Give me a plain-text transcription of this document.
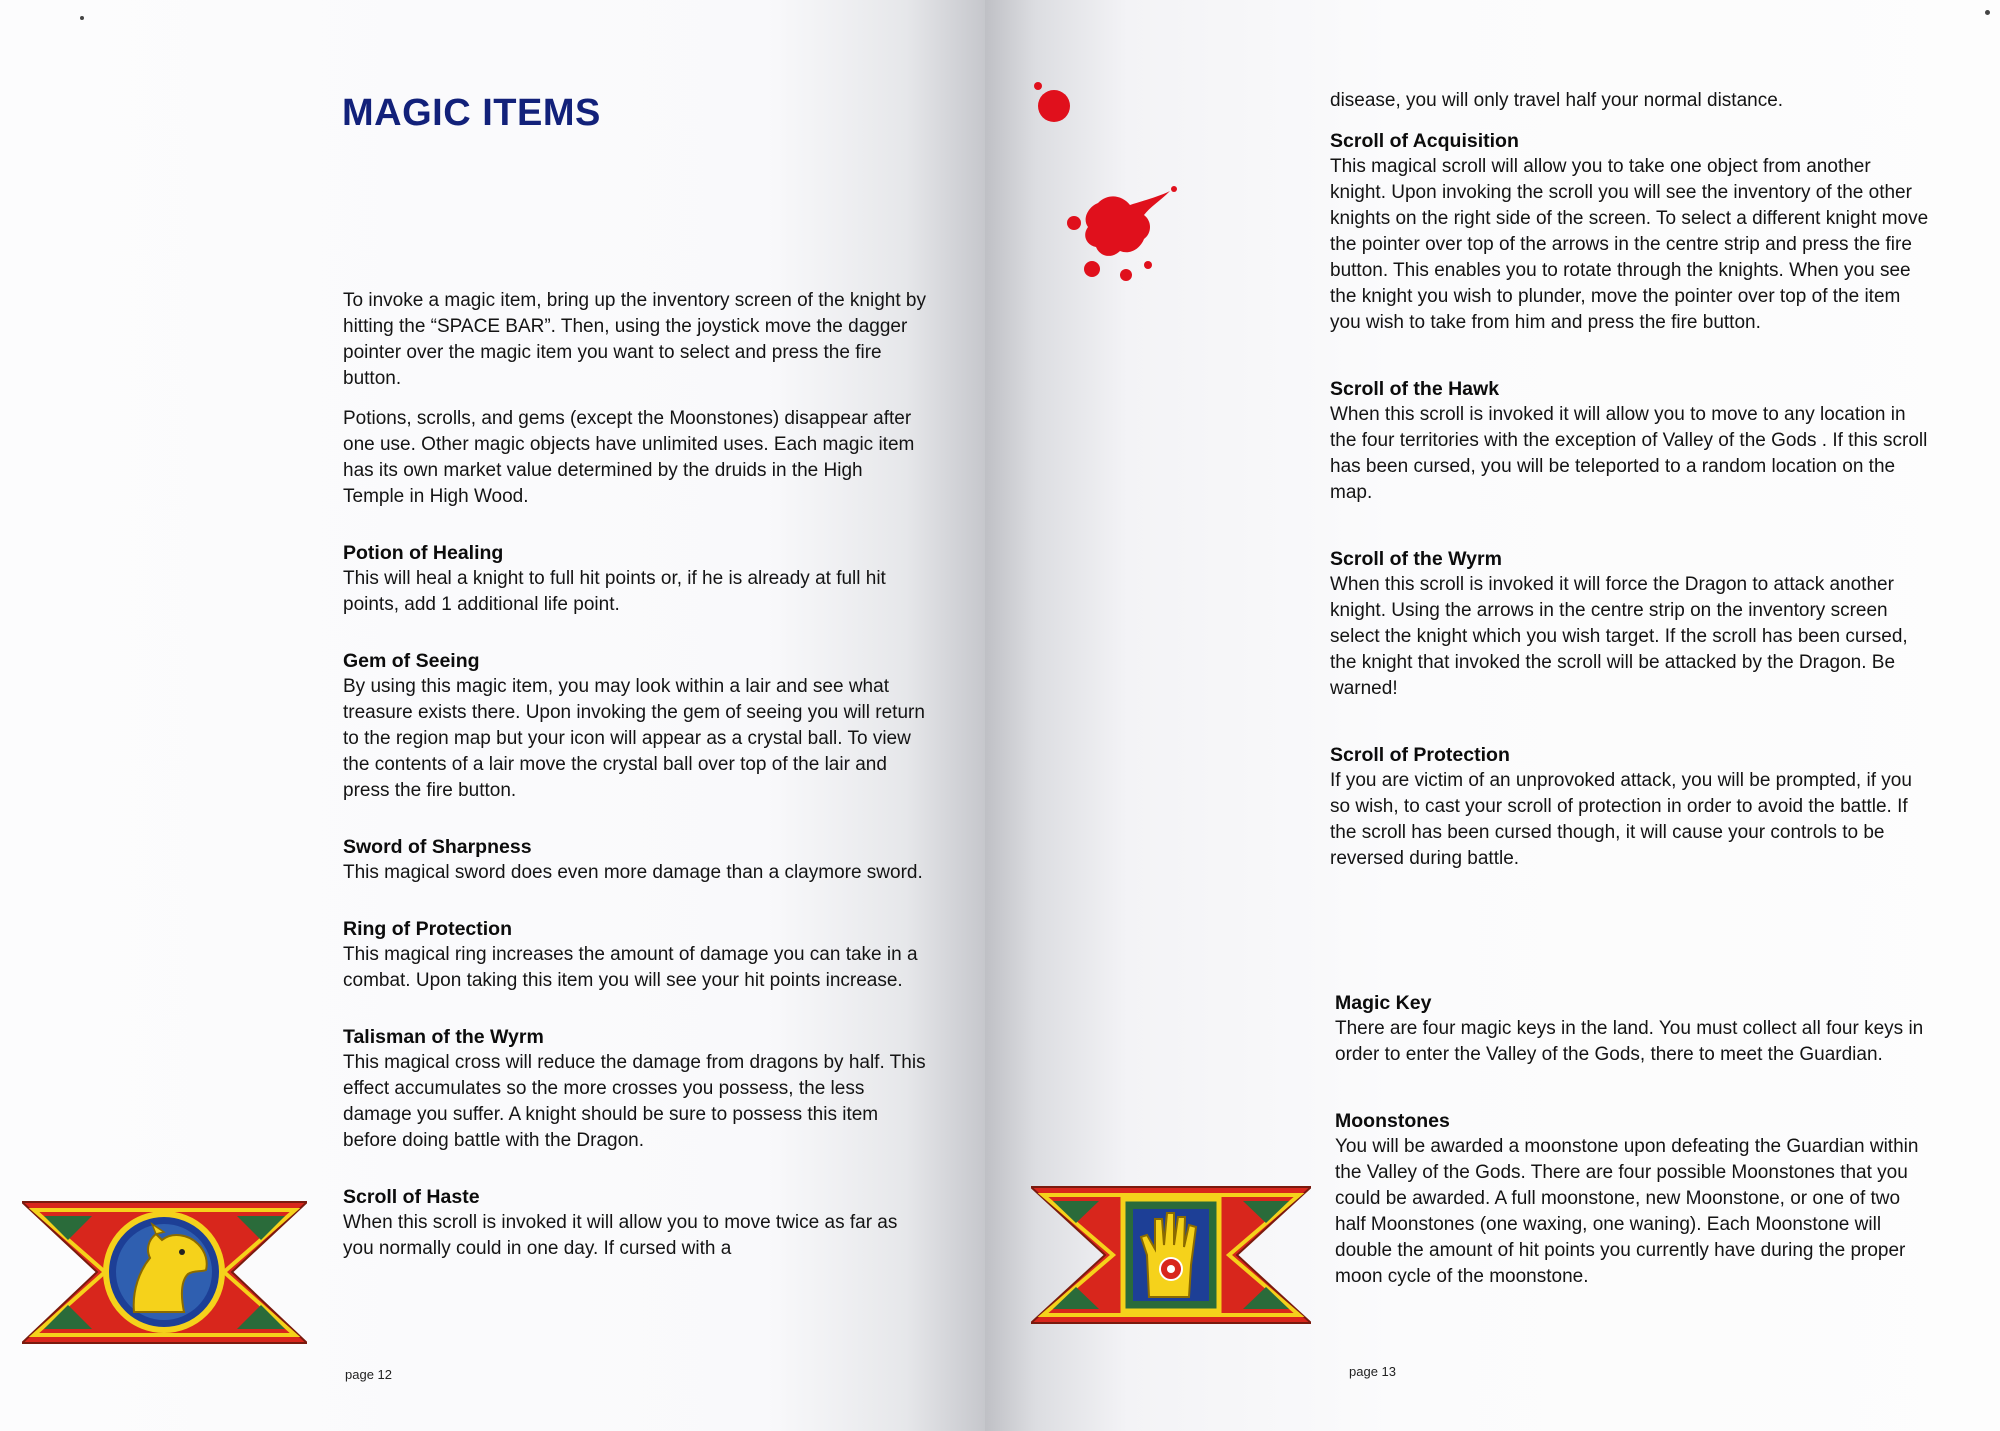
MAGIC ITEMS

To invoke a magic item, bring up the inventory screen of the knight by hitting the “SPACE BAR”. Then, using the joystick move the dagger pointer over the magic item you want to select and press the fire button.

Potions, scrolls, and gems (except the Moonstones) disappear after one use. Other magic objects have unlimited uses. Each magic item has its own market value determined by the druids in the High Temple in High Wood.

Potion of Healing

This will heal a knight to full hit points or, if he is already at full hit points, add 1 additional life point.

Gem of Seeing

By using this magic item, you may look within a lair and see what treasure exists there. Upon invoking the gem of seeing you will return to the region map but your icon will appear as a crystal ball. To view the contents of a lair move the crystal ball over top of the lair and press the fire button.

Sword of Sharpness

This magical sword does even more damage than a claymore sword.

Ring of Protection

This magical ring increases the amount of damage you can take in a combat. Upon taking this item you will see your hit points increase.

Talisman of the Wyrm

This magical cross will reduce the damage from dragons by half. This effect accumulates so the more crosses you possess, the less damage you suffer. A knight should be sure to possess this item before doing battle with the Dragon.

Scroll of Haste

When this scroll is invoked it will allow you to move twice as far as you normally could in one day. If cursed with a

page 12

disease, you will only travel half your normal distance.

Scroll of Acquisition

This magical scroll will allow you to take one object from another knight. Upon invoking the scroll you will see the inventory of the other knights on the right side of the screen. To select a different knight move the pointer over top of the arrows in the centre strip and press the fire button. This enables you to rotate through the knights. When you see the knight you wish to plunder, move the pointer over top of the item you wish to take from him and press the fire button.

Scroll of the Hawk

When this scroll is invoked it will allow you to move to any location in the four territories with the exception of Valley of the Gods . If this scroll has been cursed, you will be teleported to a random location on the map.

Scroll of the Wyrm

When this scroll is invoked it will force the Dragon to attack another knight. Using the arrows in the centre strip on the inventory screen select the knight which you wish target. If the scroll has been cursed, the knight that invoked the scroll will be attacked by the Dragon. Be warned!

Scroll of Protection

If you are victim of an unprovoked attack, you will be prompted, if you so wish, to cast your scroll of protection in order to avoid the battle. If the scroll has been cursed though, it will cause your controls to be reversed during battle.

Magic Key

There are four magic keys in the land. You must collect all four keys in order to enter the Valley of the Gods, there to meet the Guardian.

Moonstones

You will be awarded a moonstone upon defeating the Guardian within the Valley of the Gods. There are four possible Moonstones that you could be awarded. A full moonstone, new Moonstone, or one of two half Moonstones (one waxing, one waning). Each Moonstone will double the amount of hit points you currently have during the proper moon cycle of the moonstone.

page 13
